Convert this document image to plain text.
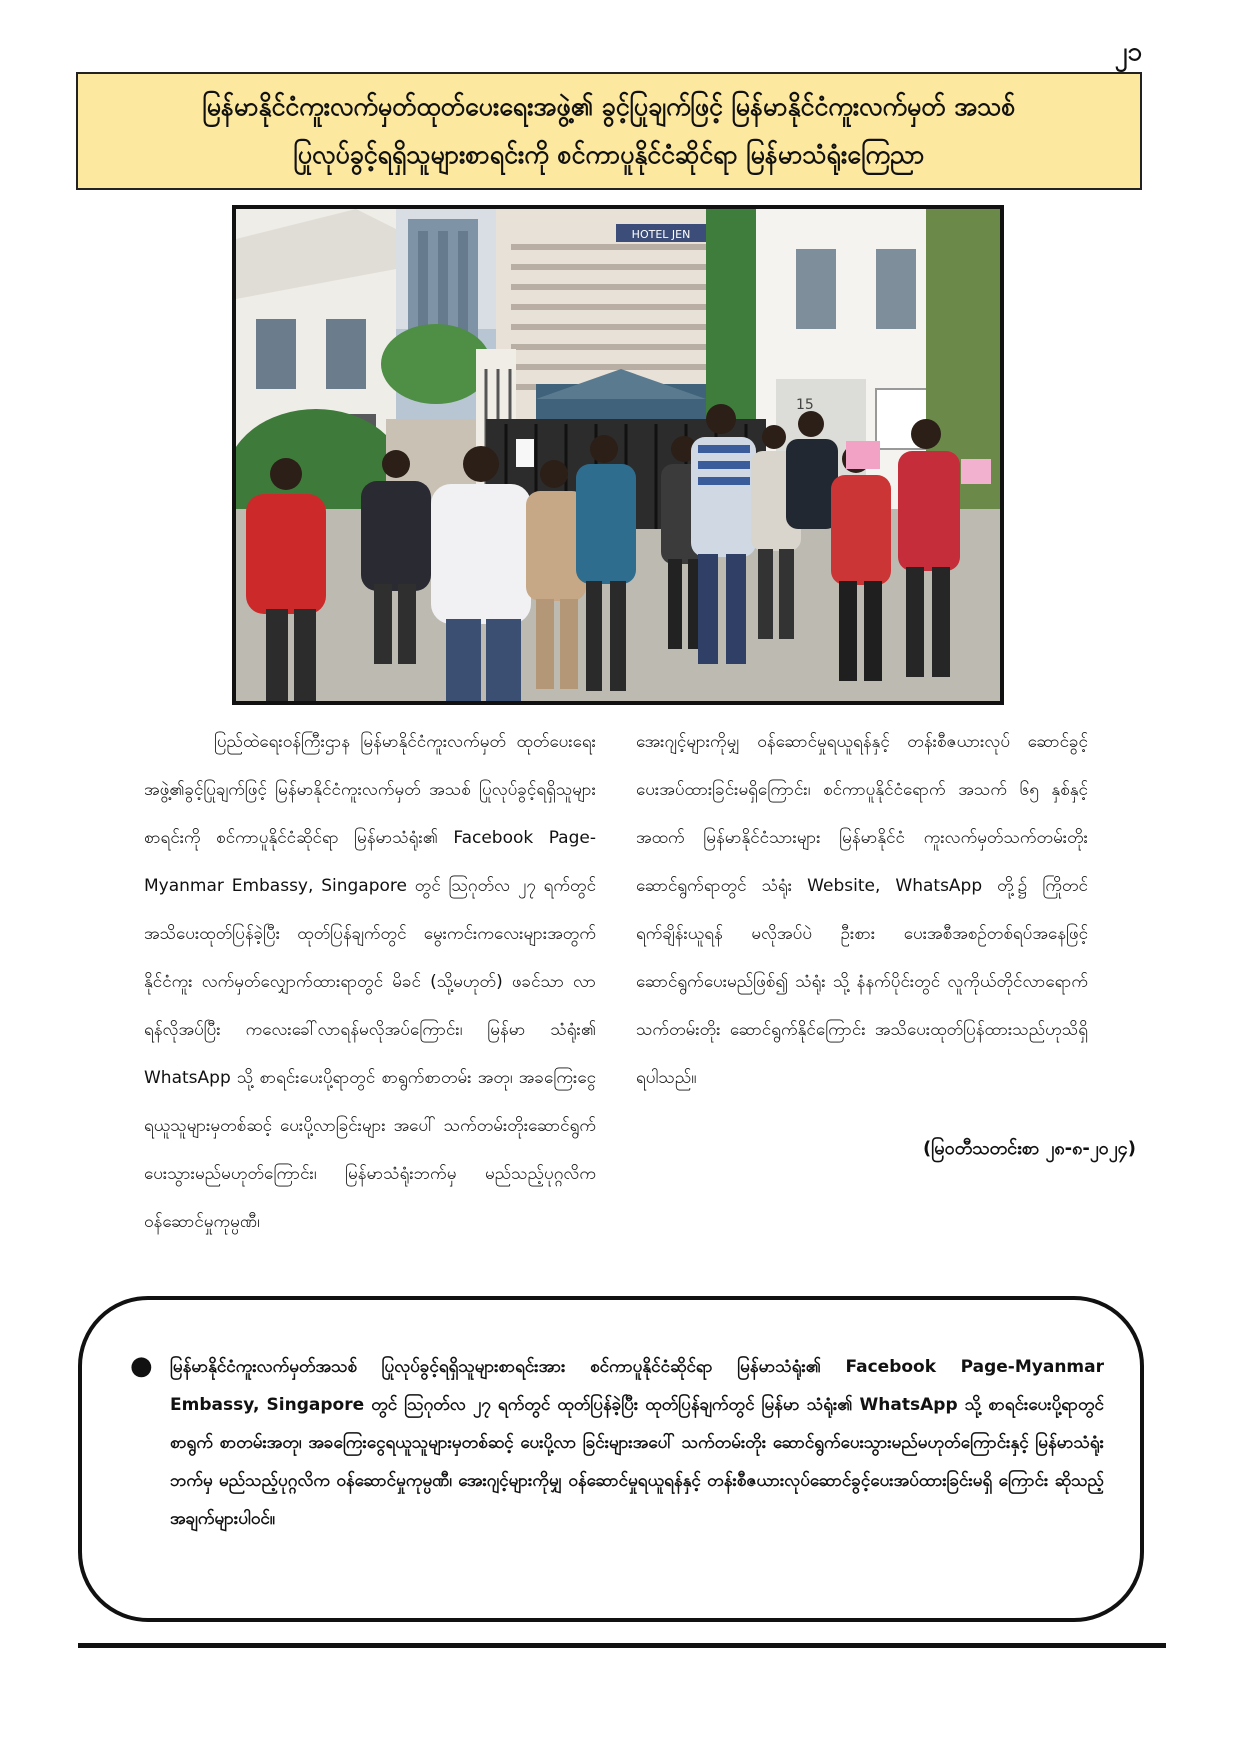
၂၁
မြန်မာနိုင်ငံကူးလက်မှတ်ထုတ်ပေးရေးအဖွဲ့၏ ခွင့်ပြုချက်ဖြင့် မြန်မာနိုင်ငံကူးလက်မှတ် အသစ်
ပြုလုပ်ခွင့်ရရှိသူများစာရင်းကို စင်ကာပူနိုင်ငံဆိုင်ရာ မြန်မာသံရုံးကြေညာ
HOTEL JEN
15

ပြည်ထဲရေးဝန်ကြီးဌာန မြန်မာနိုင်ငံကူးလက်မှတ် ထုတ်ပေးရေးအဖွဲ့၏ခွင့်ပြုချက်ဖြင့် မြန်မာနိုင်ငံကူးလက်မှတ် အသစ် ပြုလုပ်ခွင့်ရရှိသူများစာရင်းကို စင်ကာပူနိုင်ငံဆိုင်ရာ မြန်မာသံရုံး၏ Facebook Page-Myanmar Embassy, Singapore တွင် ဩဂုတ်လ ၂၇ ရက်တွင် အသိပေးထုတ်ပြန်ခဲ့ပြီး ထုတ်ပြန်ချက်တွင် မွေးကင်းကလေးများအတွက် နိုင်ငံကူး လက်မှတ်လျှောက်ထားရာတွင် မိခင် (သို့မဟုတ်) ဖခင်သာ လာရန်လိုအပ်ပြီး ကလေးခေါ်လာရန်မလိုအပ်ကြောင်း၊ မြန်မာ သံရုံး၏ WhatsApp သို့ စာရင်းပေးပို့ရာတွင် စာရွက်စာတမ်း အတု၊ အခကြေးငွေရယူသူများမှတစ်ဆင့် ပေးပို့လာခြင်းများ အပေါ် သက်တမ်းတိုးဆောင်ရွက်ပေးသွားမည်မဟုတ်ကြောင်း၊ မြန်မာသံရုံးဘက်မှ မည်သည့်ပုဂ္ဂလိကဝန်ဆောင်မှုကုမ္ပဏီ၊

အေးဂျင့်များကိုမျှ ဝန်ဆောင်မှုရယူရန်နှင့် တန်းစီဇယားလုပ် ဆောင်ခွင့်ပေးအပ်ထားခြင်းမရှိကြောင်း၊ စင်ကာပူနိုင်ငံရောက် အသက် ၆၅ နှစ်နှင့်အထက် မြန်မာနိုင်ငံသားများ မြန်မာနိုင်ငံ ကူးလက်မှတ်သက်တမ်းတိုးဆောင်ရွက်ရာတွင် သံရုံး Website, WhatsApp တို့၌ ကြိုတင်ရက်ချိန်းယူရန် မလိုအပ်ပဲ ဦးစား ပေးအစီအစဉ်တစ်ရပ်အနေဖြင့် ဆောင်ရွက်ပေးမည်ဖြစ်၍ သံရုံး သို့ နံနက်ပိုင်းတွင် လူကိုယ်တိုင်လာရောက် သက်တမ်းတိုး ဆောင်ရွက်နိုင်ကြောင်း အသိပေးထုတ်ပြန်ထားသည်ဟုသိရှိ ရပါသည်။

(မြဝတီသတင်းစာ ၂၈-၈-၂၀၂၄)
●	မြန်မာနိုင်ငံကူးလက်မှတ်အသစ် ပြုလုပ်ခွင့်ရရှိသူများစာရင်းအား စင်ကာပူနိုင်ငံဆိုင်ရာ မြန်မာသံရုံး၏ Facebook Page-Myanmar Embassy, Singapore တွင် ဩဂုတ်လ ၂၇ ရက်တွင် ထုတ်ပြန်ခဲ့ပြီး ထုတ်ပြန်ချက်တွင် မြန်မာ သံရုံး၏ WhatsApp သို့ စာရင်းပေးပို့ရာတွင် စာရွက် စာတမ်းအတု၊ အခကြေးငွေရယူသူများမှတစ်ဆင့် ပေးပို့လာ ခြင်းများအပေါ် သက်တမ်းတိုး ဆောင်ရွက်ပေးသွားမည်မဟုတ်ကြောင်းနှင့် မြန်မာသံရုံးဘက်မှ မည်သည့်ပုဂ္ဂလိက ဝန်ဆောင်မှုကုမ္ပဏီ၊ အေးဂျင့်များကိုမျှ ဝန်ဆောင်မှုရယူရန်နှင့် တန်းစီဇယားလုပ်ဆောင်ခွင့်ပေးအပ်ထားခြင်းမရှိ ကြောင်း ဆိုသည့်အချက်များပါဝင်။
